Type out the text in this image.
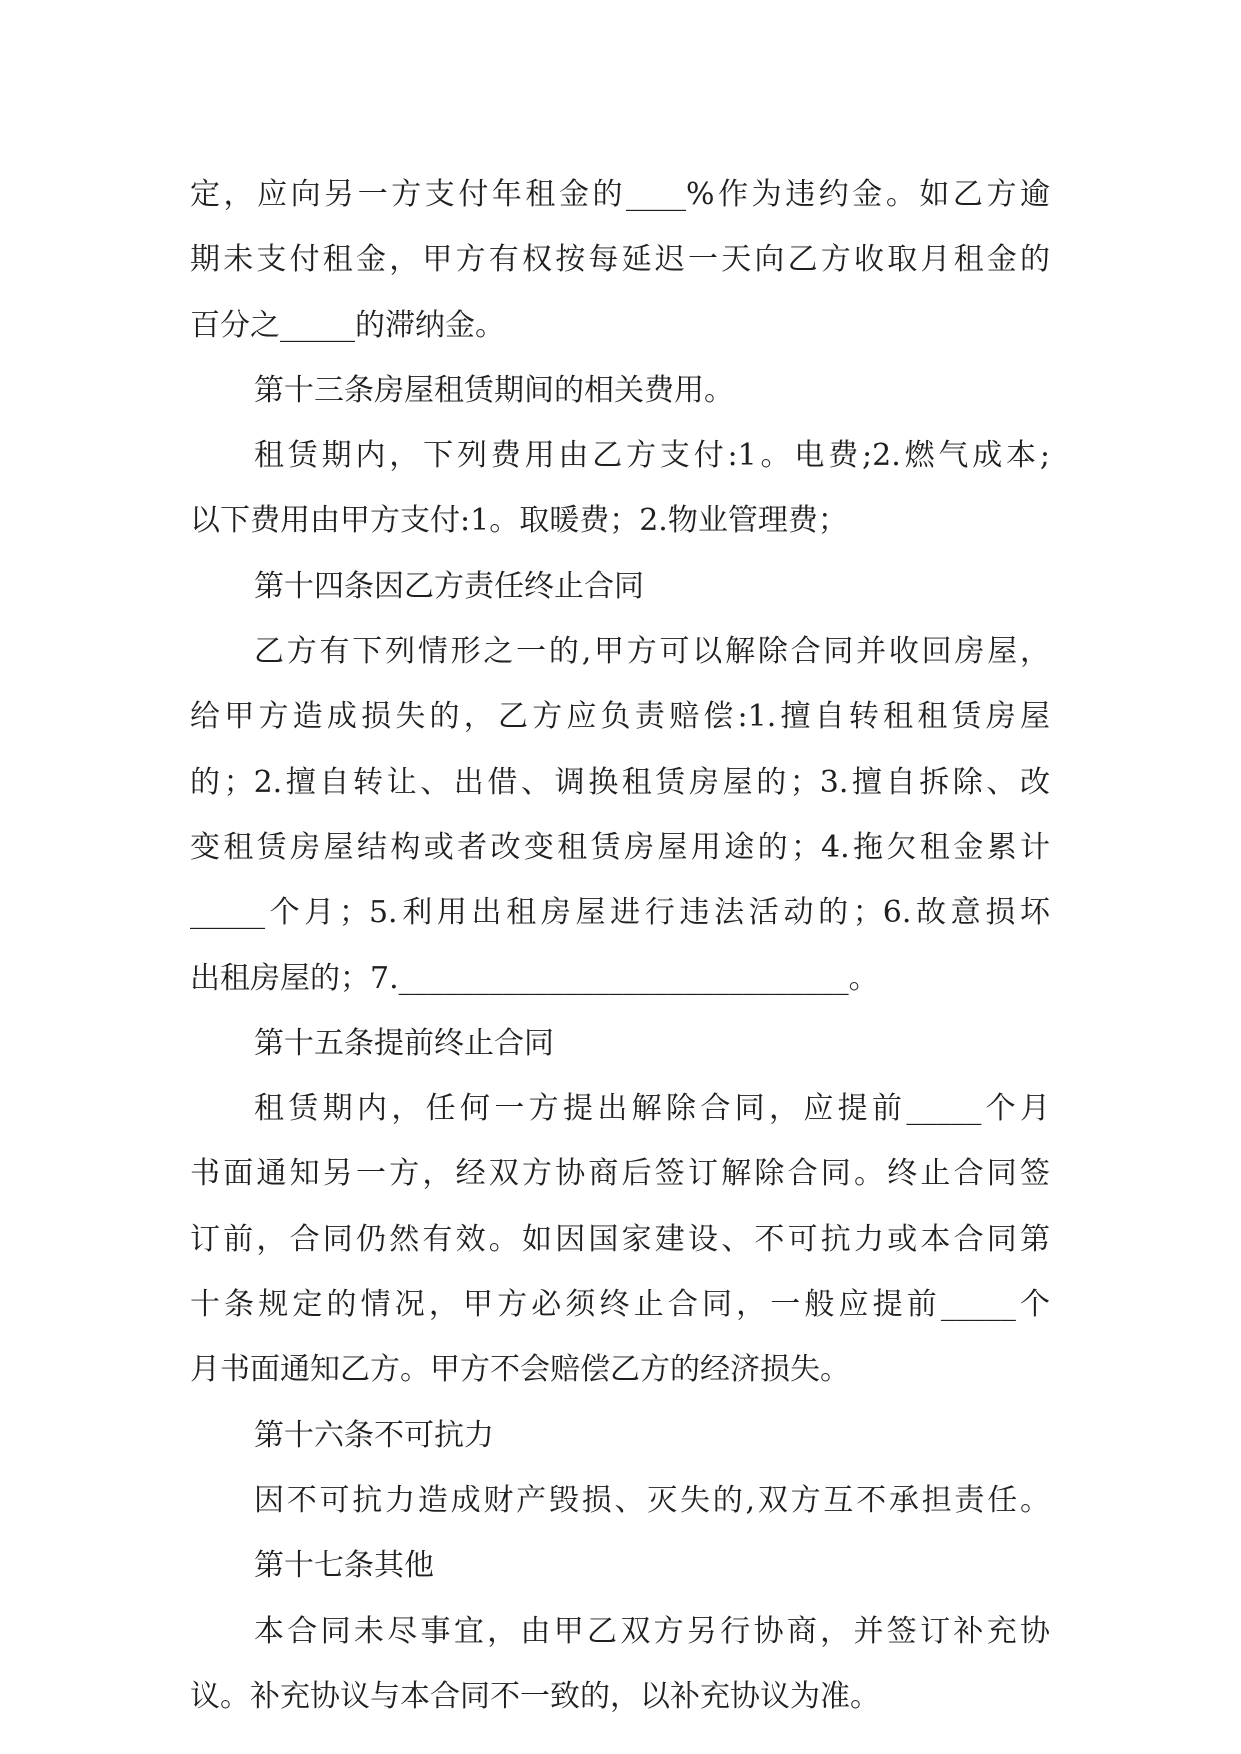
定，应向另一方支付年租金的____%作为违约金。如乙方逾
期未支付租金，甲方有权按每延迟一天向乙方收取月租金的
百分之_____的滞纳金。
第十三条房屋租赁期间的相关费用。
租赁期内，下列费用由乙方支付:1。电费;2.燃气成本;
以下费用由甲方支付:1。取暖费；2.物业管理费；
第十四条因乙方责任终止合同
乙方有下列情形之一的,甲方可以解除合同并收回房屋，
给甲方造成损失的，乙方应负责赔偿:1.擅自转租租赁房屋
的；2.擅自转让、出借、调换租赁房屋的；3.擅自拆除、改
变租赁房屋结构或者改变租赁房屋用途的；4.拖欠租金累计
_____个月；5.利用出租房屋进行违法活动的；6.故意损坏
出租房屋的；7.______________________________。
第十五条提前终止合同
租赁期内，任何一方提出解除合同，应提前_____个月
书面通知另一方，经双方协商后签订解除合同。终止合同签
订前，合同仍然有效。如因国家建设、不可抗力或本合同第
十条规定的情况，甲方必须终止合同，一般应提前_____个
月书面通知乙方。甲方不会赔偿乙方的经济损失。
第十六条不可抗力
因不可抗力造成财产毁损、灭失的,双方互不承担责任。
第十七条其他
本合同未尽事宜，由甲乙双方另行协商，并签订补充协
议。补充协议与本合同不一致的，以补充协议为准。
